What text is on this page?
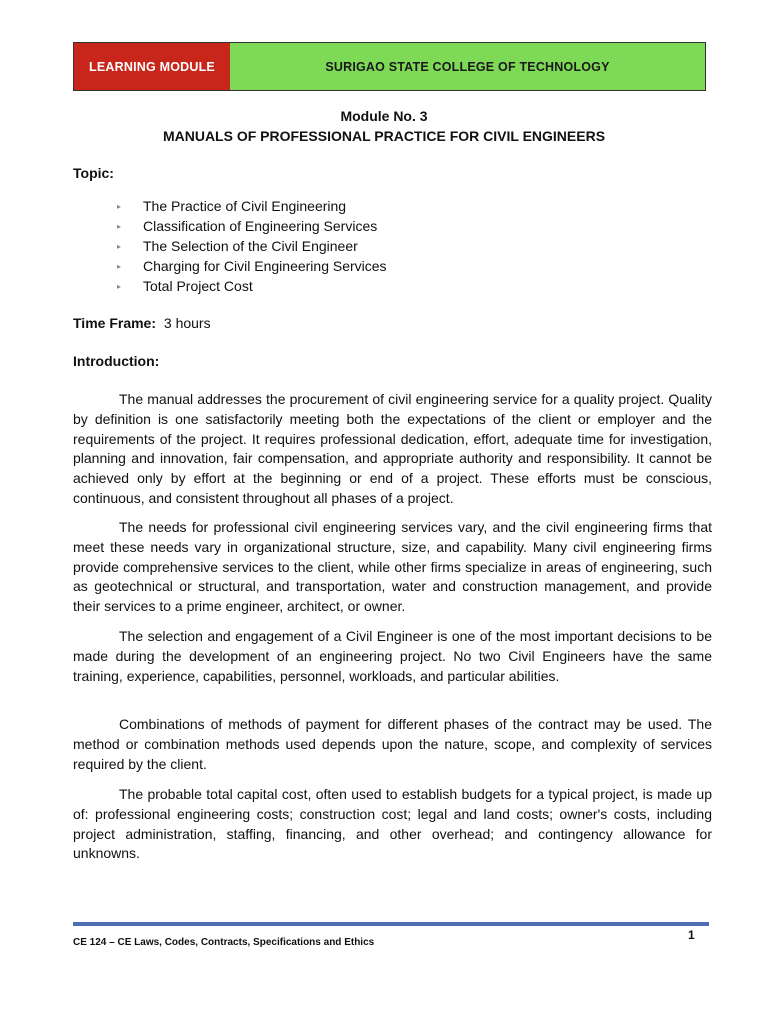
LEARNING MODULE	SURIGAO STATE COLLEGE OF TECHNOLOGY
Module No. 3
MANUALS OF PROFESSIONAL PRACTICE FOR CIVIL ENGINEERS
Topic:
▸ The Practice of Civil Engineering
▸ Classification of Engineering Services
▸ The Selection of the Civil Engineer
▸ Charging for Civil Engineering Services
▸ Total Project Cost
Time Frame: 3 hours
Introduction:

The manual addresses the procurement of civil engineering service for a quality project. Quality by definition is one satisfactorily meeting both the expectations of the client or employer and the requirements of the project. It requires professional dedication, effort, adequate time for investigation, planning and innovation, fair compensation, and appropriate authority and responsibility. It cannot be achieved only by effort at the beginning or end of a project. These efforts must be conscious, continuous, and consistent throughout all phases of a project.

The needs for professional civil engineering services vary, and the civil engineering firms that meet these needs vary in organizational structure, size, and capability. Many civil engineering firms provide comprehensive services to the client, while other firms specialize in areas of engineering, such as geotechnical or structural, and transportation, water and construction management, and provide their services to a prime engineer, architect, or owner.

The selection and engagement of a Civil Engineer is one of the most important decisions to be made during the development of an engineering project. No two Civil Engineers have the same training, experience, capabilities, personnel, workloads, and particular abilities.

Combinations of methods of payment for different phases of the contract may be used. The method or combination methods used depends upon the nature, scope, and complexity of services required by the client.

The probable total capital cost, often used to establish budgets for a typical project, is made up of: professional engineering costs; construction cost; legal and land costs; owner's costs, including project administration, staffing, financing, and other overhead; and contingency allowance for unknowns.

CE 124 – CE Laws, Codes, Contracts, Specifications and Ethics
1
